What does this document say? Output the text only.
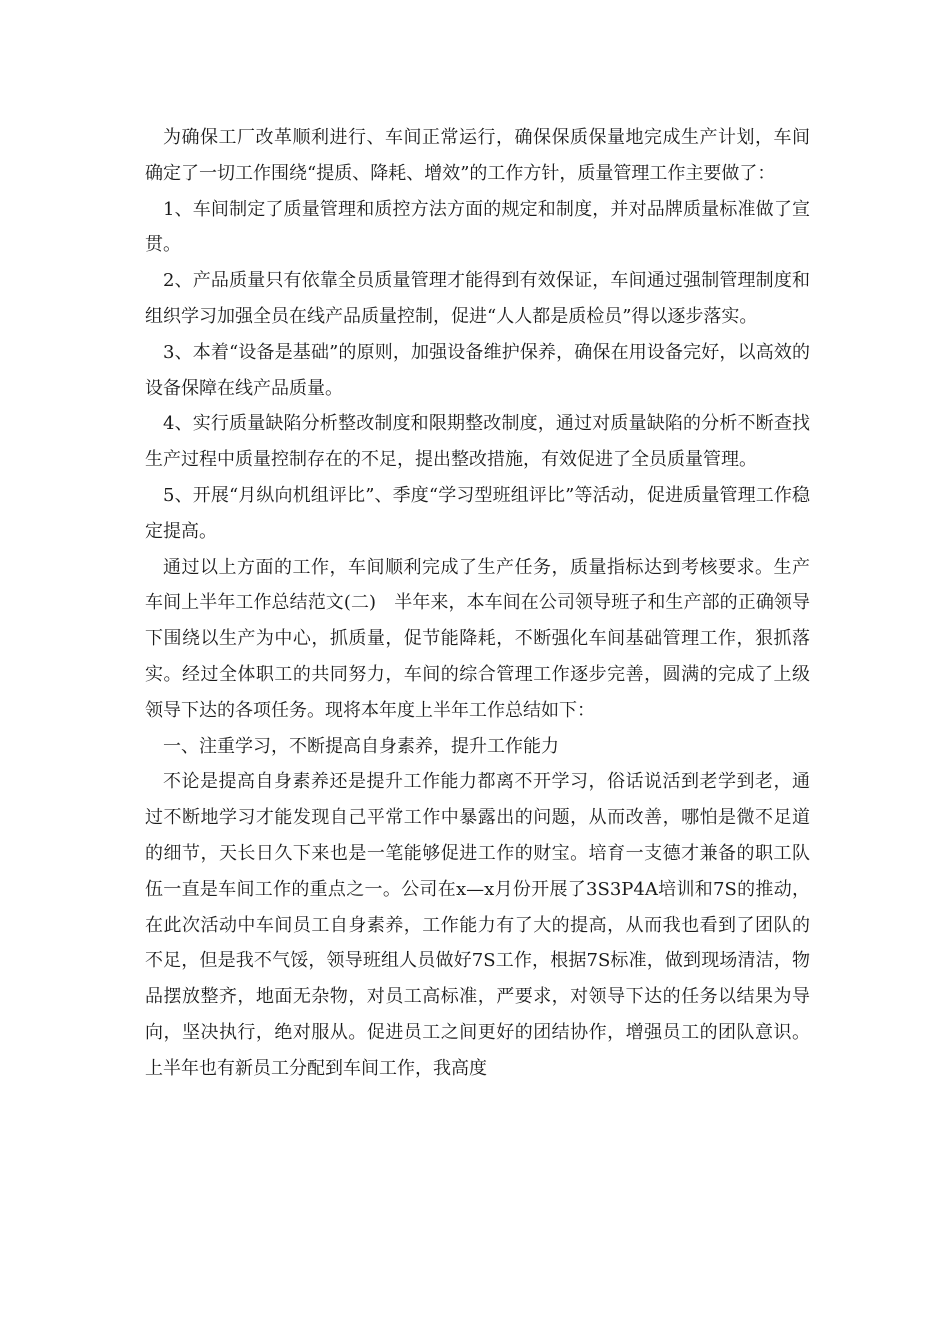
为确保工厂改革顺利进行、车间正常运行，确保保质保量地完成生产计划，车间确定了一切工作围绕“提质、降耗、增效”的工作方针，质量管理工作主要做了：

1、车间制定了质量管理和质控方法方面的规定和制度，并对品牌质量标准做了宣贯。

2、产品质量只有依靠全员质量管理才能得到有效保证，车间通过强制管理制度和组织学习加强全员在线产品质量控制，促进“人人都是质检员”得以逐步落实。

3、本着“设备是基础”的原则，加强设备维护保养，确保在用设备完好，以高效的设备保障在线产品质量。

4、实行质量缺陷分析整改制度和限期整改制度，通过对质量缺陷的分析不断查找生产过程中质量控制存在的不足，提出整改措施，有效促进了全员质量管理。

5、开展“月纵向机组评比”、季度“学习型班组评比”等活动，促进质量管理工作稳定提高。

通过以上方面的工作，车间顺利完成了生产任务，质量指标达到考核要求。生产车间上半年工作总结范文(二)　半年来，本车间在公司领导班子和生产部的正确领导下围绕以生产为中心，抓质量，促节能降耗，不断强化车间基础管理工作，狠抓落实。经过全体职工的共同努力，车间的综合管理工作逐步完善，圆满的完成了上级领导下达的各项任务。现将本年度上半年工作总结如下：

一、注重学习，不断提高自身素养，提升工作能力

不论是提高自身素养还是提升工作能力都离不开学习，俗话说活到老学到老，通过不断地学习才能发现自己平常工作中暴露出的问题，从而改善，哪怕是微不足道的细节，天长日久下来也是一笔能够促进工作的财宝。培育一支德才兼备的职工队伍一直是车间工作的重点之一。公司在x—x月份开展了3S3P4A培训和7S的推动，在此次活动中车间员工自身素养，工作能力有了大的提高，从而我也看到了团队的不足，但是我不气馁，领导班组人员做好7S工作，根据7S标准，做到现场清洁，物品摆放整齐，地面无杂物，对员工高标准，严要求，对领导下达的任务以结果为导向，坚决执行，绝对服从。促进员工之间更好的团结协作，增强员工的团队意识。上半年也有新员工分配到车间工作，我高度
